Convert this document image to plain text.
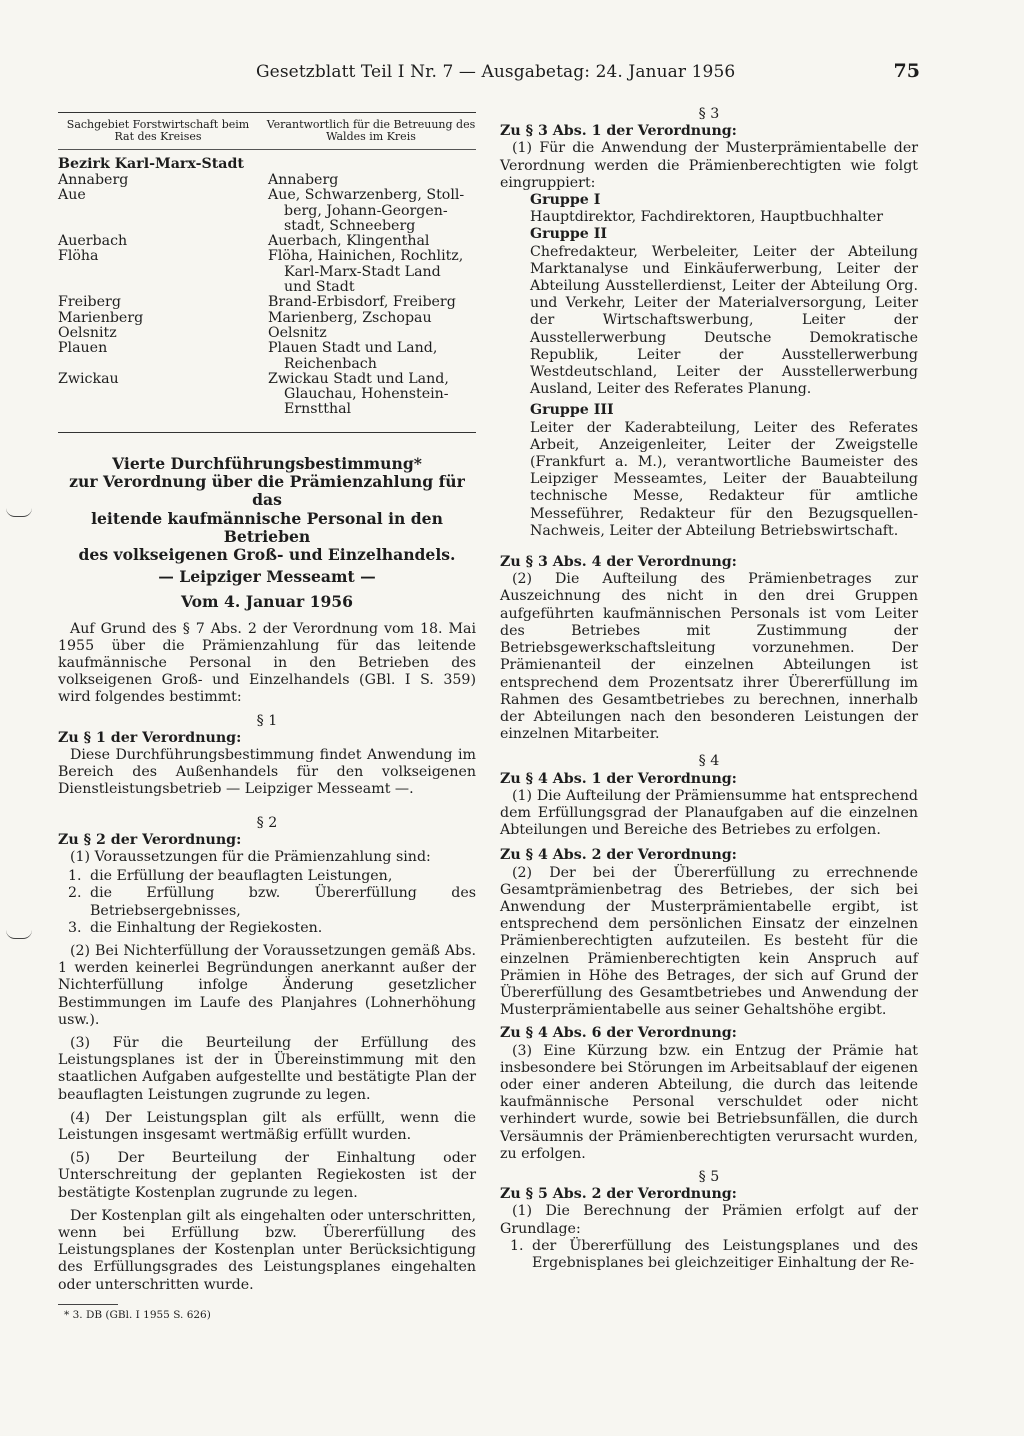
Gesetzblatt Teil I Nr. 7 — Ausgabetag: 24. Januar 1956	75
Sachgebiet Forstwirtschaft beim Rat des Kreises
Verantwortlich für die Betreuung des Waldes im Kreis
Bezirk Karl-Marx-Stadt
Annaberg	Annaberg
Aue	Aue, Schwarzenberg, Stoll-
berg, Johann-Georgen-
stadt, Schneeberg
Auerbach	Auerbach, Klingenthal
Flöha	Flöha, Hainichen, Rochlitz,
Karl-Marx-Stadt Land
und Stadt
Freiberg	Brand-Erbisdorf, Freiberg
Marienberg	Marienberg, Zschopau
Oelsnitz	Oelsnitz
Plauen	Plauen Stadt und Land,
Reichenbach
Zwickau	Zwickau Stadt und Land,
Glauchau, Hohenstein-
Ernstthal
Vierte Durchführungsbestimmung*
zur Verordnung über die Prämienzahlung für das
leitende kaufmännische Personal in den Betrieben
des volkseigenen Groß- und Einzelhandels.
— Leipziger Messeamt —
Vom 4. Januar 1956
Auf Grund des § 7 Abs. 2 der Verordnung vom 18. Mai 1955 über die Prämienzahlung für das leitende kaufmännische Personal in den Betrieben des volkseigenen Groß- und Einzelhandels (GBl. I S. 359) wird folgendes bestimmt:
§ 1
Zu § 1 der Verordnung:
Diese Durchführungsbestimmung findet Anwendung im Bereich des Außenhandels für den volkseigenen Dienstleistungsbetrieb — Leipziger Messeamt —.
§ 2
Zu § 2 der Verordnung:
(1) Voraussetzungen für die Prämienzahlung sind:
1. die Erfüllung der beauflagten Leistungen,
2. die Erfüllung bzw. Übererfüllung des Betriebsergebnisses,
3. die Einhaltung der Regiekosten.
(2) Bei Nichterfüllung der Voraussetzungen gemäß Abs. 1 werden keinerlei Begründungen anerkannt außer der Nichterfüllung infolge Änderung gesetzlicher Bestimmungen im Laufe des Planjahres (Lohnerhöhung usw.).
(3) Für die Beurteilung der Erfüllung des Leistungsplanes ist der in Übereinstimmung mit den staatlichen Aufgaben aufgestellte und bestätigte Plan der beauflagten Leistungen zugrunde zu legen.
(4) Der Leistungsplan gilt als erfüllt, wenn die Leistungen insgesamt wertmäßig erfüllt wurden.
(5) Der Beurteilung der Einhaltung oder Unterschreitung der geplanten Regiekosten ist der bestätigte Kostenplan zugrunde zu legen.
Der Kostenplan gilt als eingehalten oder unterschritten, wenn bei Erfüllung bzw. Übererfüllung des Leistungsplanes der Kostenplan unter Berücksichtigung des Erfüllungsgrades des Leistungsplanes eingehalten oder unterschritten wurde.
* 3. DB (GBl. I 1955 S. 626)
§ 3
Zu § 3 Abs. 1 der Verordnung:
(1) Für die Anwendung der Musterprämientabelle der Verordnung werden die Prämienberechtigten wie folgt eingruppiert:
Gruppe I
Hauptdirektor, Fachdirektoren, Hauptbuchhalter
Gruppe II
Chefredakteur, Werbeleiter, Leiter der Abteilung Marktanalyse und Einkäuferwerbung, Leiter der Abteilung Ausstellerdienst, Leiter der Abteilung Org. und Verkehr, Leiter der Materialversorgung, Leiter der Wirtschaftswerbung, Leiter der Ausstellerwerbung Deutsche Demokratische Republik, Leiter der Ausstellerwerbung Westdeutschland, Leiter der Ausstellerwerbung Ausland, Leiter des Referates Planung.
Gruppe III
Leiter der Kaderabteilung, Leiter des Referates Arbeit, Anzeigenleiter, Leiter der Zweigstelle (Frankfurt a. M.), verantwortliche Baumeister des Leipziger Messeamtes, Leiter der Bauabteilung technische Messe, Redakteur für amtliche Messeführer, Redakteur für den Bezugsquellen-Nachweis, Leiter der Abteilung Betriebswirtschaft.
Zu § 3 Abs. 4 der Verordnung:
(2) Die Aufteilung des Prämienbetrages zur Auszeichnung des nicht in den drei Gruppen aufgeführten kaufmännischen Personals ist vom Leiter des Betriebes mit Zustimmung der Betriebsgewerkschaftsleitung vorzunehmen. Der Prämienanteil der einzelnen Abteilungen ist entsprechend dem Prozentsatz ihrer Übererfüllung im Rahmen des Gesamtbetriebes zu berechnen, innerhalb der Abteilungen nach den besonderen Leistungen der einzelnen Mitarbeiter.
§ 4
Zu § 4 Abs. 1 der Verordnung:
(1) Die Aufteilung der Prämiensumme hat entsprechend dem Erfüllungsgrad der Planaufgaben auf die einzelnen Abteilungen und Bereiche des Betriebes zu erfolgen.
Zu § 4 Abs. 2 der Verordnung:
(2) Der bei der Übererfüllung zu errechnende Gesamtprämienbetrag des Betriebes, der sich bei Anwendung der Musterprämientabelle ergibt, ist entsprechend dem persönlichen Einsatz der einzelnen Prämienberechtigten aufzuteilen. Es besteht für die einzelnen Prämienberechtigten kein Anspruch auf Prämien in Höhe des Betrages, der sich auf Grund der Übererfüllung des Gesamtbetriebes und Anwendung der Musterprämientabelle aus seiner Gehaltshöhe ergibt.
Zu § 4 Abs. 6 der Verordnung:
(3) Eine Kürzung bzw. ein Entzug der Prämie hat insbesondere bei Störungen im Arbeitsablauf der eigenen oder einer anderen Abteilung, die durch das leitende kaufmännische Personal verschuldet oder nicht verhindert wurde, sowie bei Betriebsunfällen, die durch Versäumnis der Prämienberechtigten verursacht wurden, zu erfolgen.
§ 5
Zu § 5 Abs. 2 der Verordnung:
(1) Die Berechnung der Prämien erfolgt auf der Grundlage:
1. der Übererfüllung des Leistungsplanes und des Ergebnisplanes bei gleichzeitiger Einhaltung der Re-
